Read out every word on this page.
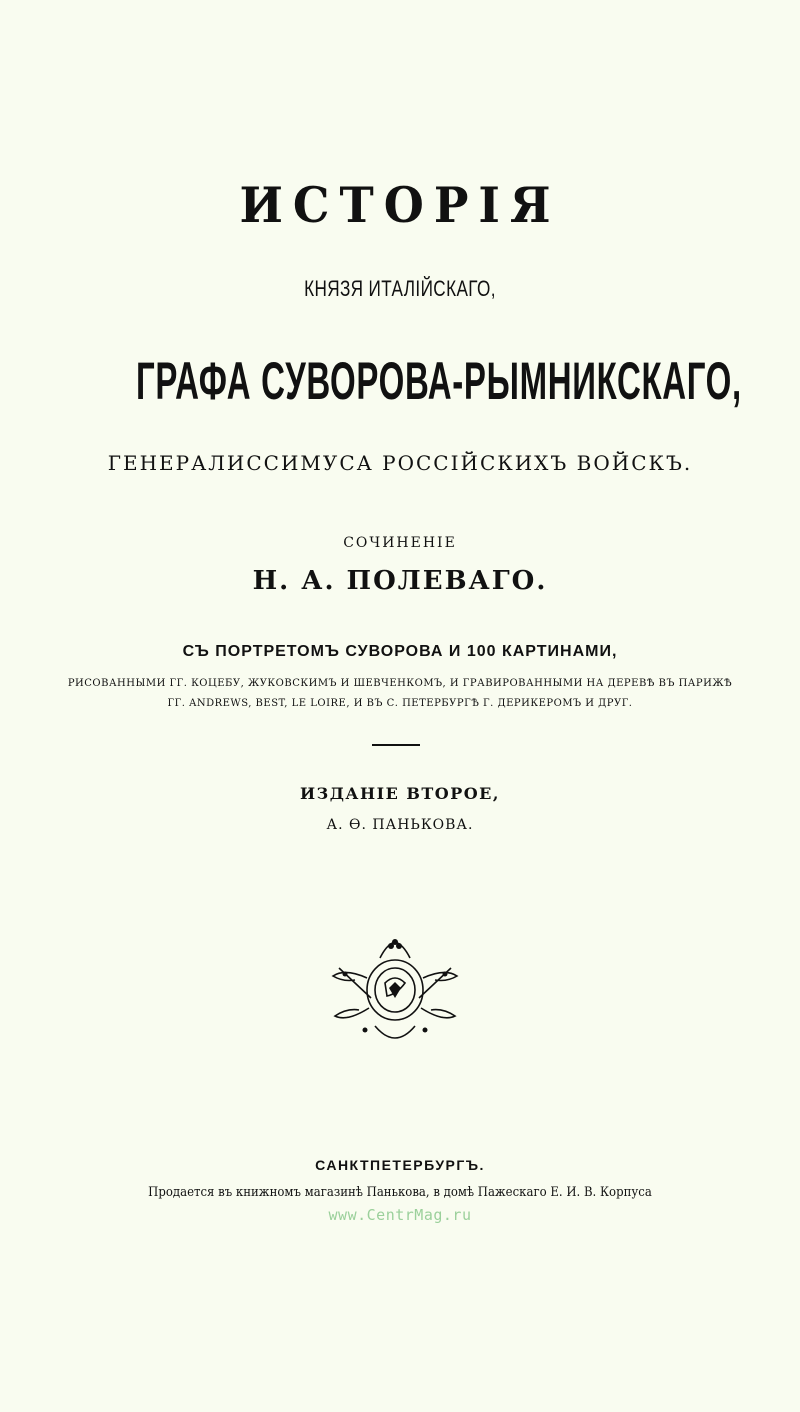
ИСТОРІЯ
КНЯЗЯ ИТАЛІЙСКАГО,
ГРАФА СУВОРОВА-РЫМНИКСКАГО,
ГЕНЕРАЛИССИМУСА РОССІЙСКИХЪ ВОЙСКЪ.
СОЧИНЕНІЕ
Н. А. ПОЛЕВАГО.
СЪ ПОРТРЕТОМЪ СУВОРОВА И 100 КАРТИНАМИ,
РИСОВАННЫМИ ГГ. КОЦЕБУ, ЖУКОВСКИМЪ И ШЕВЧЕНКОМЪ, И ГРАВИРОВАННЫМИ НА ДЕРЕВѢ ВЪ ПАРИЖѢ
ГГ. ANDREWS, BEST, LE LOIRE, И ВЪ С. ПЕТЕРБУРГѢ Г. ДЕРИКЕРОМЪ И ДРУГ.
ИЗДАНІЕ ВТОРОЕ,
А. Ө. ПАНЬКОВА.
САНКТПЕТЕРБУРГЪ.
Продается въ книжномъ магазинѣ Панькова, в домѣ Пажескаго Е. И. В. Корпуса
www.CentrMag.ru
